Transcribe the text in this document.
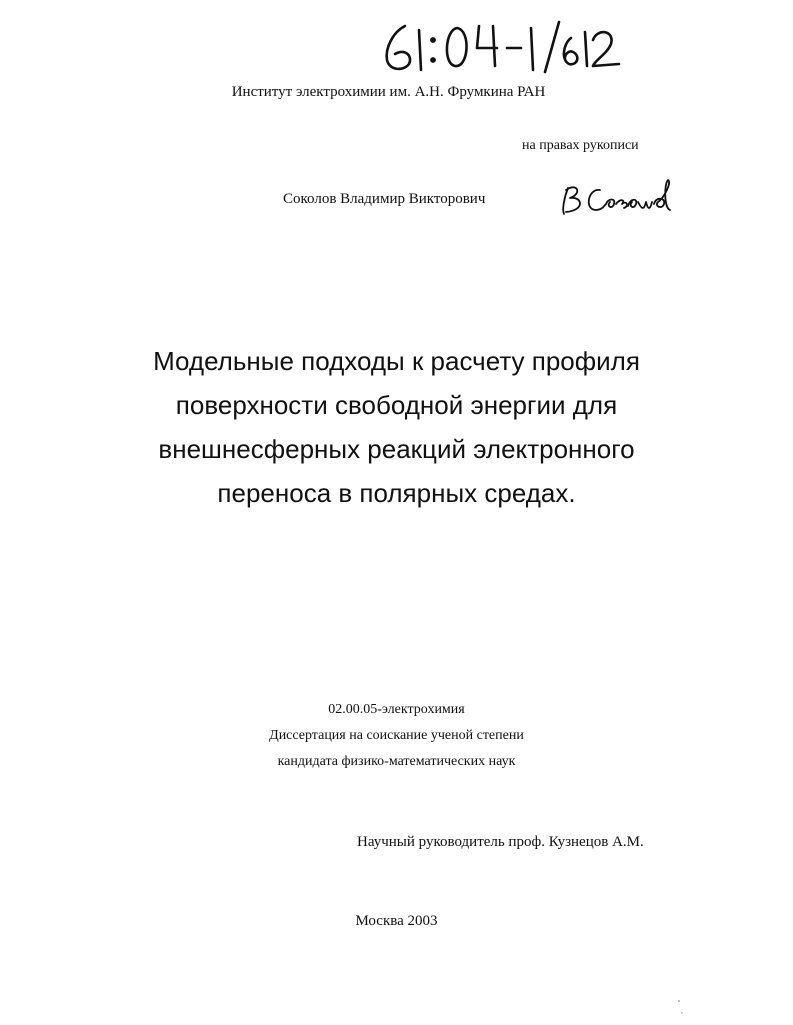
Институт электрохимии им. А.Н. Фрумкина РАН
на правах рукописи
Соколов Владимир Викторович
Модельные подходы к расчету профиля
поверхности свободной энергии для
внешнесферных реакций электронного
переноса в полярных средах.
02.00.05-электрохимия
Диссертация на соискание ученой степени
кандидата физико-математических наук
Научный руководитель проф. Кузнецов А.М.
Москва 2003
